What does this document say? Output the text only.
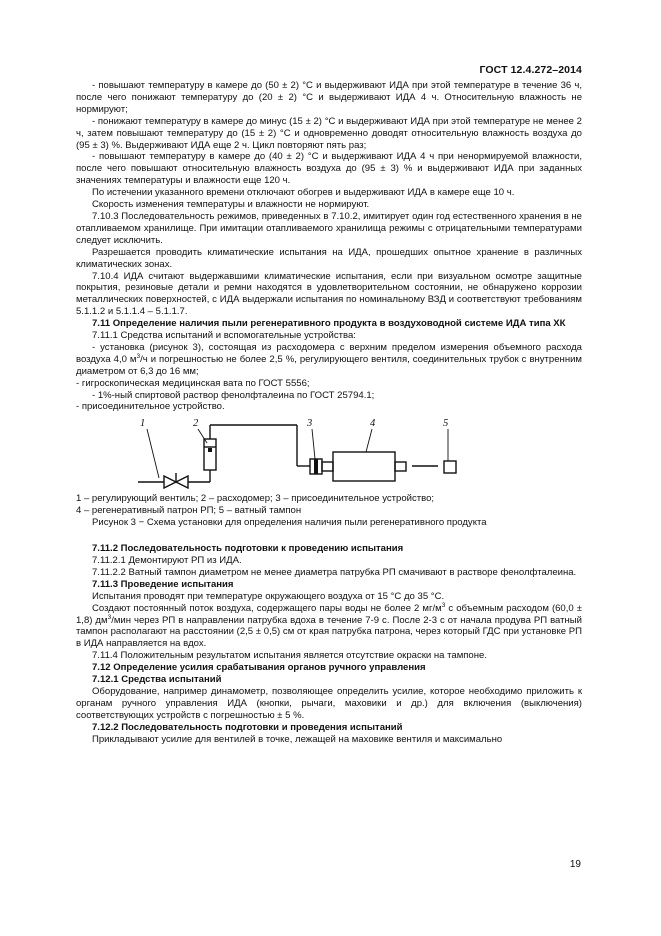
ГОСТ 12.4.272–2014

- повышают температуру в камере до (50 ± 2) °С и выдерживают ИДА при этой температуре в течение 36 ч, после чего понижают температуру до (20 ± 2) °С и выдерживают ИДА 4 ч. Относительную влажность не нормируют;

- понижают температуру в камере до минус (15 ± 2) °С и выдерживают ИДА при этой температуре не менее 2 ч, затем повышают температуру до (15 ± 2) °С и одновременно доводят относительную влажность воздуха до (95 ± 3) %. Выдерживают ИДА еще 2 ч. Цикл повторяют пять раз;

- повышают температуру в камере до (40 ± 2) °С и выдерживают ИДА 4 ч при ненормируемой влажности, после чего повышают относительную влажность воздуха до (95 ± 3) % и выдерживают ИДА при заданных значениях температуры и влажности еще 120 ч.

По истечении указанного времени отключают обогрев и выдерживают ИДА в камере еще 10 ч.

Скорость изменения температуры и влажности не нормируют.

7.10.3 Последовательность режимов, приведенных в 7.10.2, имитирует один год естественного хранения в не отапливаемом хранилище. При имитации отапливаемого хранилища режимы с отрицательными температурами следует исключить.

Разрешается проводить климатические испытания на ИДА, прошедших опытное хранение в различных климатических зонах.

7.10.4 ИДА считают выдержавшими климатические испытания, если при визуальном осмотре защитные покрытия, резиновые детали и ремни находятся в удовлетворительном состоянии, не обнаружено коррозии металлических поверхностей, с ИДА выдержали испытания по номинальному ВЗД и соответствуют требованиям 5.1.1.2 и 5.1.1.4 – 5.1.1.7.

7.11 Определение наличия пыли регенеративного продукта в воздуховодной системе ИДА типа ХК

7.11.1 Средства испытаний и вспомогательные устройства:

- установка (рисунок 3), состоящая из расходомера с верхним пределом измерения объемного расхода воздуха 4,0 $м^3/ч$ и погрешностью не более 2,5 %, регулирующего вентиля, соединительных трубок с внутренним диаметром от 6,3 до 16 мм;

- гигроскопическая медицинская вата по ГОСТ 5556;

- 1%-ный спиртовой раствор фенолфталеина по ГОСТ 25794.1;

- присоединительное устройство.

1	2	3	4	5

1 – регулирующий вентиль; 2 – расходомер; 3 – присоединительное устройство;

4 – регенеративный патрон РП; 5 – ватный тампон

Рисунок 3 − Схема установки для определения наличия пыли регенеративного продукта

7.11.2 Последовательность подготовки к проведению испытания

7.11.2.1 Демонтируют РП из ИДА.

7.11.2.2 Ватный тампон диаметром не менее диаметра патрубка РП смачивают в растворе фенолфталеина.

7.11.3 Проведение испытания

Испытания проводят при температуре окружающего воздуха от 15 °С до 35 °С.

Создают постоянный поток воздуха, содержащего пары воды не более 2 $мг/м^3$ с объемным расходом (60,0 ± 1,8) $дм^3$/мин через РП в направлении патрубка вдоха в течение 7-9 с. После 2-3 с от начала продува РП ватный тампон располагают на расстоянии (2,5 ± 0,5) см от края патрубка патрона, через который ГДС при установке РП в ИДА направляется на вдох.

7.11.4 Положительным результатом испытания является отсутствие окраски на тампоне.

7.12 Определение усилия срабатывания органов ручного управления

7.12.1 Средства испытаний

Оборудование, например динамометр, позволяющее определить усилие, которое необходимо приложить к органам ручного управления ИДА (кнопки, рычаги, маховики и др.) для включения (выключения) соответствующих устройств с погрешностью ± 5 %.

7.12.2 Последовательность подготовки и проведения испытаний

Прикладывают усилие для вентилей в точке, лежащей на маховике вентиля и максимально

19
